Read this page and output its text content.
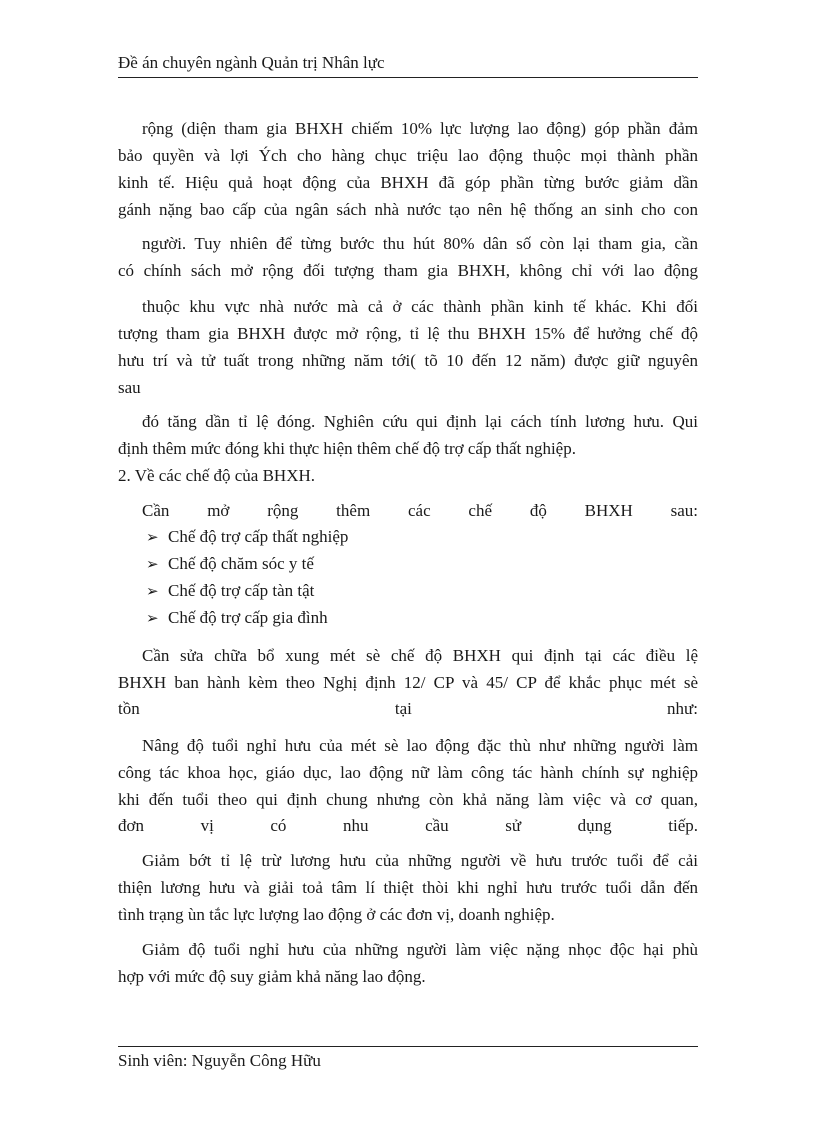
Đề án chuyên ngành Quản trị Nhân lực
rộng (diện tham gia BHXH chiếm 10% lực lượng lao động) góp phần đảm
bảo quyền và lợi Ých cho hàng chục triệu lao động thuộc mọi thành phần
kinh tế. Hiệu quả hoạt động của BHXH đã góp phần từng bước giảm dần
gánh nặng bao cấp của ngân sách nhà nước tạo nên hệ thống an sinh cho con
người. Tuy nhiên để từng bước thu hút 80% dân số còn lại tham gia, cần
có chính sách mở rộng đối tượng tham gia BHXH, không chỉ với lao động
thuộc khu vực nhà nước mà cả ở các thành phần kinh tế khác. Khi đối
tượng tham gia BHXH được mở rộng, tỉ lệ thu BHXH 15% để hưởng chế độ
hưu trí và tử tuất trong những năm tới( tõ 10 đến 12 năm) được giữ nguyên
sau
đó tăng dần tỉ lệ đóng. Nghiên cứu qui định lại cách tính lương hưu. Qui
định thêm mức đóng khi thực hiện thêm chế độ trợ cấp thất nghiệp.
2. Về các chế độ của BHXH.
Cần mở rộng thêm các chế độ BHXH sau:
➢ Chế độ trợ cấp thất nghiệp
➢ Chế độ chăm sóc y tế
➢ Chế độ trợ cấp tàn tật
➢ Chế độ trợ cấp gia đình
Cần sửa chữa bổ xung mét sè chế độ BHXH qui định tại các điều lệ
BHXH ban hành kèm theo Nghị định 12/ CP và 45/ CP để khắc phục mét sè
tồn tại như:
Nâng độ tuổi nghỉ hưu của mét sè lao động đặc thù như những người làm
công tác khoa học, giáo dục, lao động nữ làm công tác hành chính sự nghiệp
khi đến tuổi theo qui định chung nhưng còn khả năng làm việc và cơ quan,
đơn vị có nhu cầu sử dụng tiếp.
Giảm bớt tỉ lệ trừ lương hưu của những người về hưu trước tuổi để cải
thiện lương hưu và giải toả tâm lí thiệt thòi khi nghỉ hưu trước tuổi dẫn đến
tình trạng ùn tắc lực lượng lao động ở các đơn vị, doanh nghiệp.
Giảm độ tuổi nghỉ hưu của những người làm việc nặng nhọc độc hại phù
hợp với mức độ suy giảm khả năng lao động.
Sinh viên: Nguyễn Công Hữu
